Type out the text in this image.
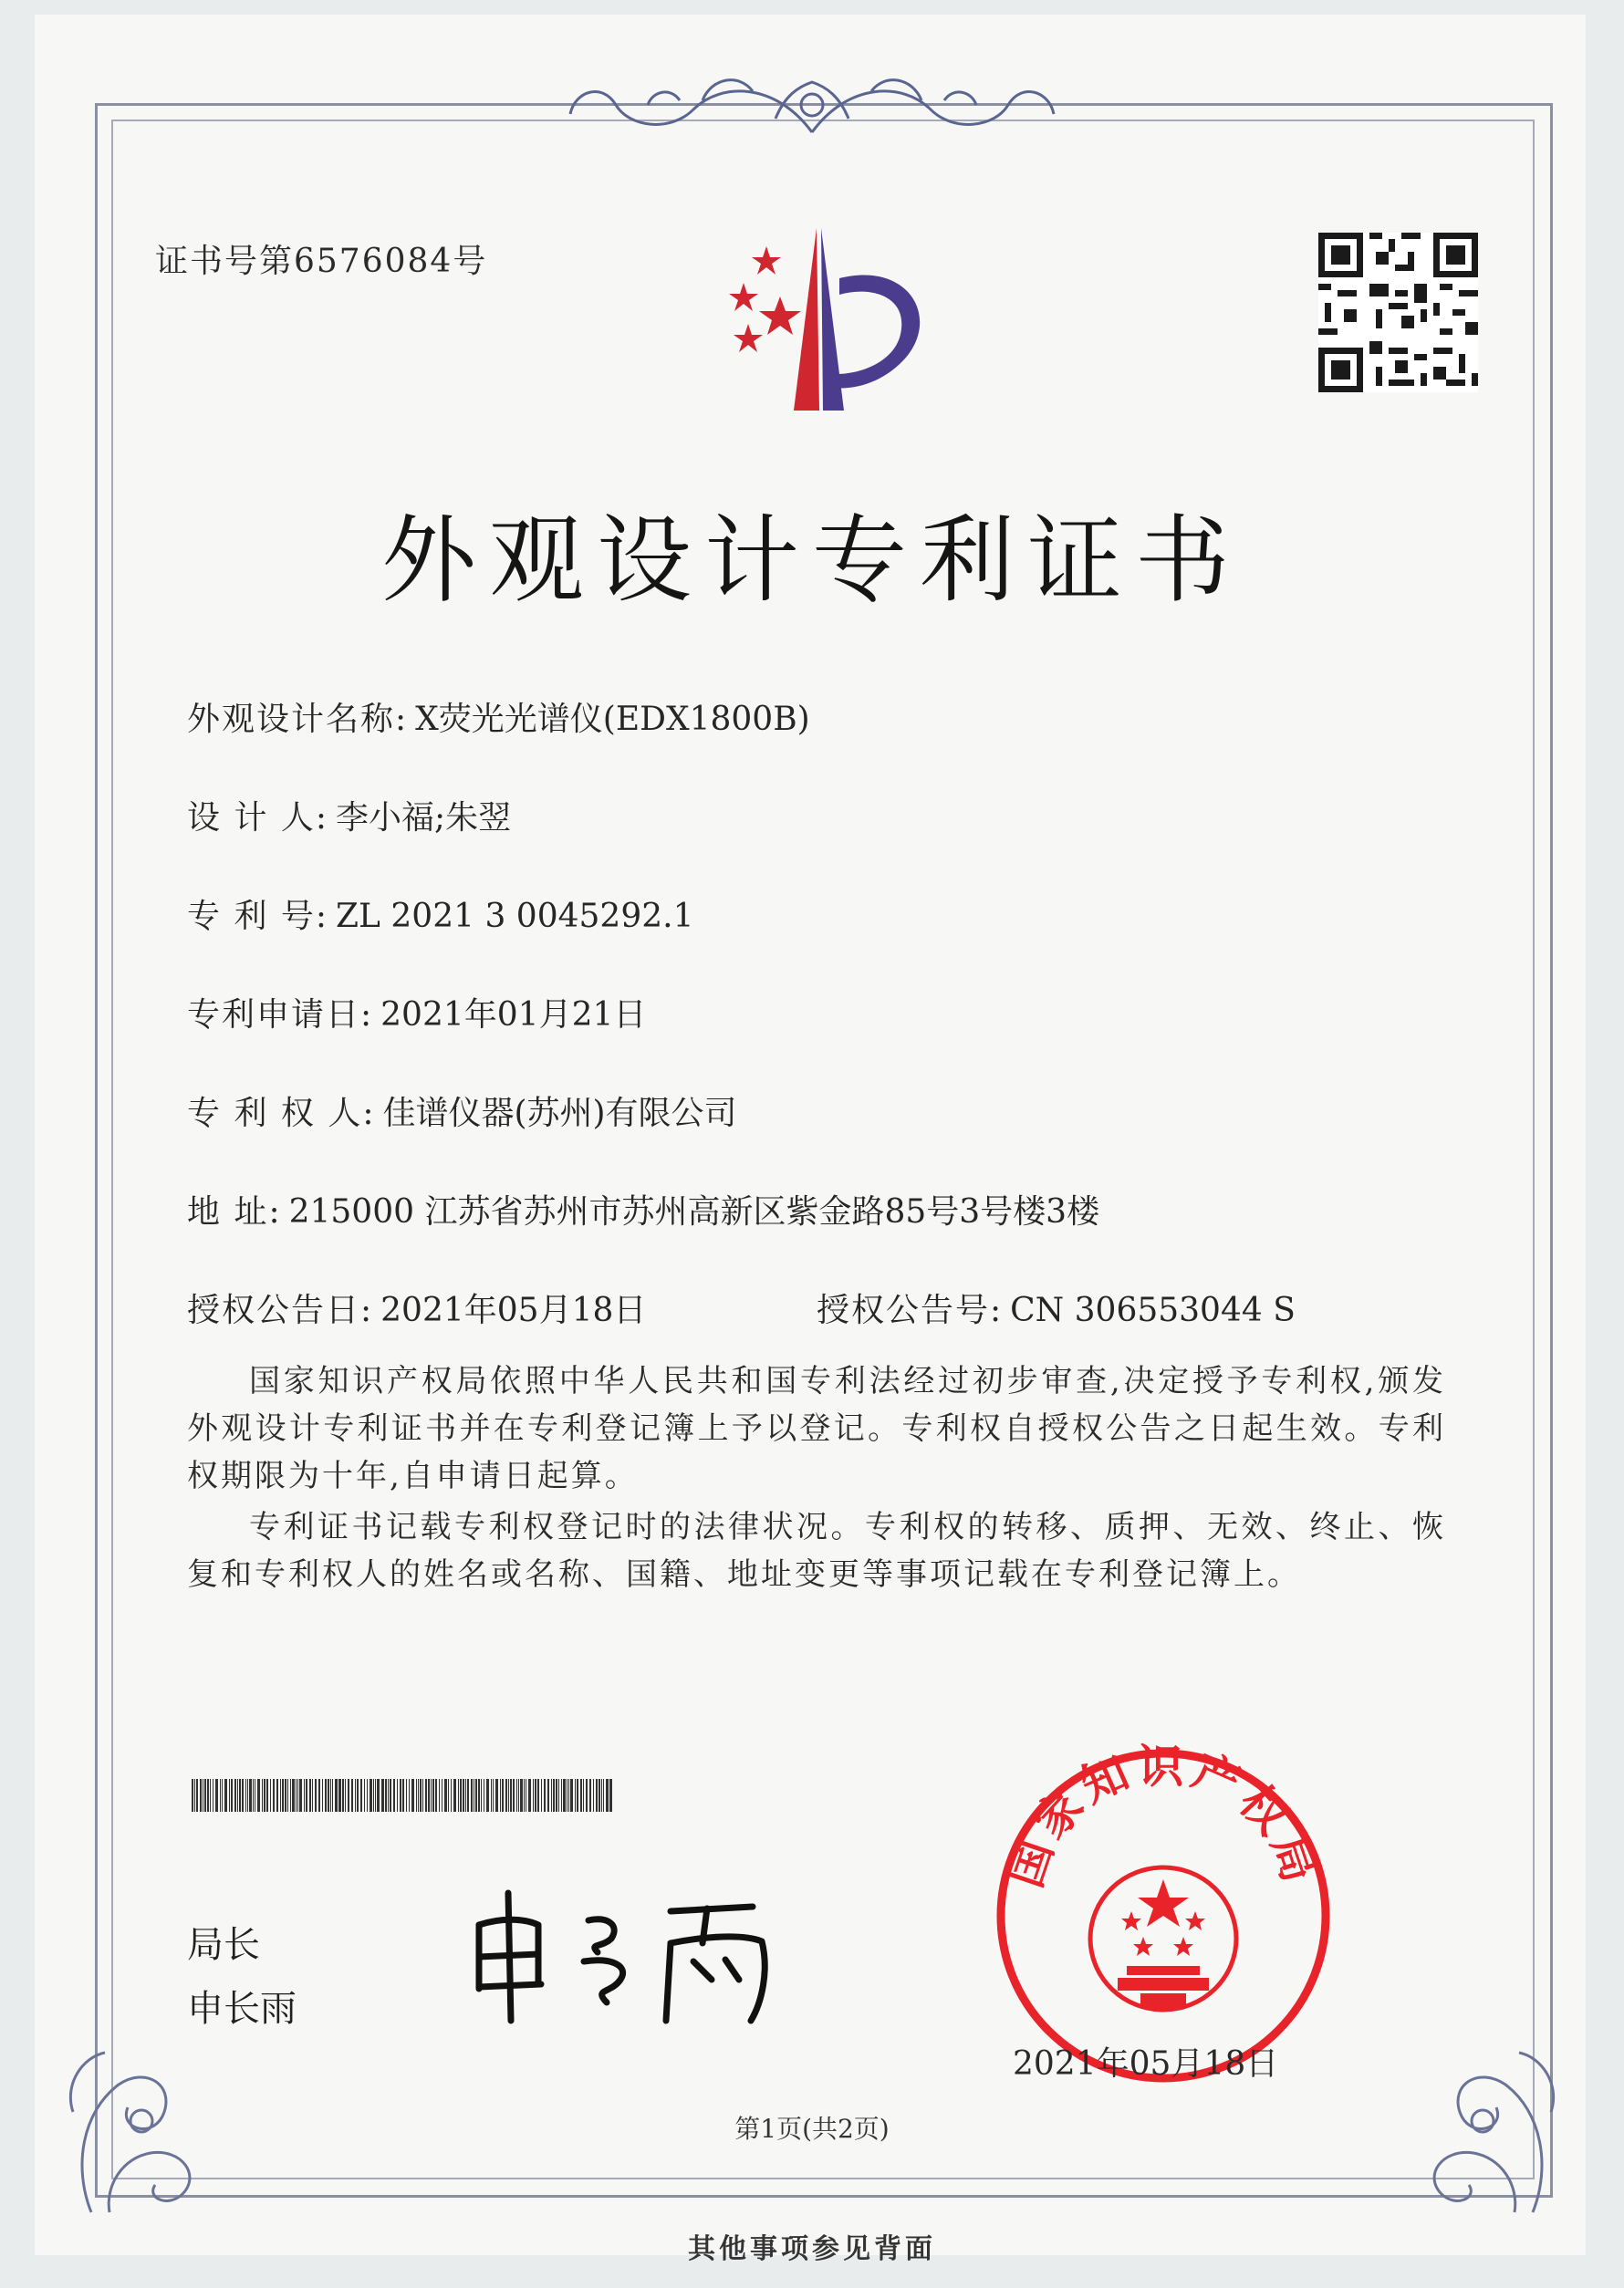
证书号第6576084号
外观设计专利证书
外观设计名称: X荧光光谱仪(EDX1800B)
设 计 人: 李小福;朱翌
专 利 号: ZL 2021 3 0045292.1
专利申请日: 2021年01月21日
专 利 权 人: 佳谱仪器(苏州)有限公司
地 址: 215000 江苏省苏州市苏州高新区紫金路85号3号楼3楼
授权公告日: 2021年05月18日	授权公告号: CN 306553044 S
国家知识产权局依照中华人民共和国专利法经过初步审查,决定授予专利权,颁发外观设计专利证书并在专利登记簿上予以登记。专利权自授权公告之日起生效。专利权期限为十年,自申请日起算。
专利证书记载专利权登记时的法律状况。专利权的转移、质押、无效、终止、恢复和专利权人的姓名或名称、国籍、地址变更等事项记载在专利登记簿上。
局长
申长雨
国家知识产权局
2021年05月18日
第1页(共2页)
其他事项参见背面
